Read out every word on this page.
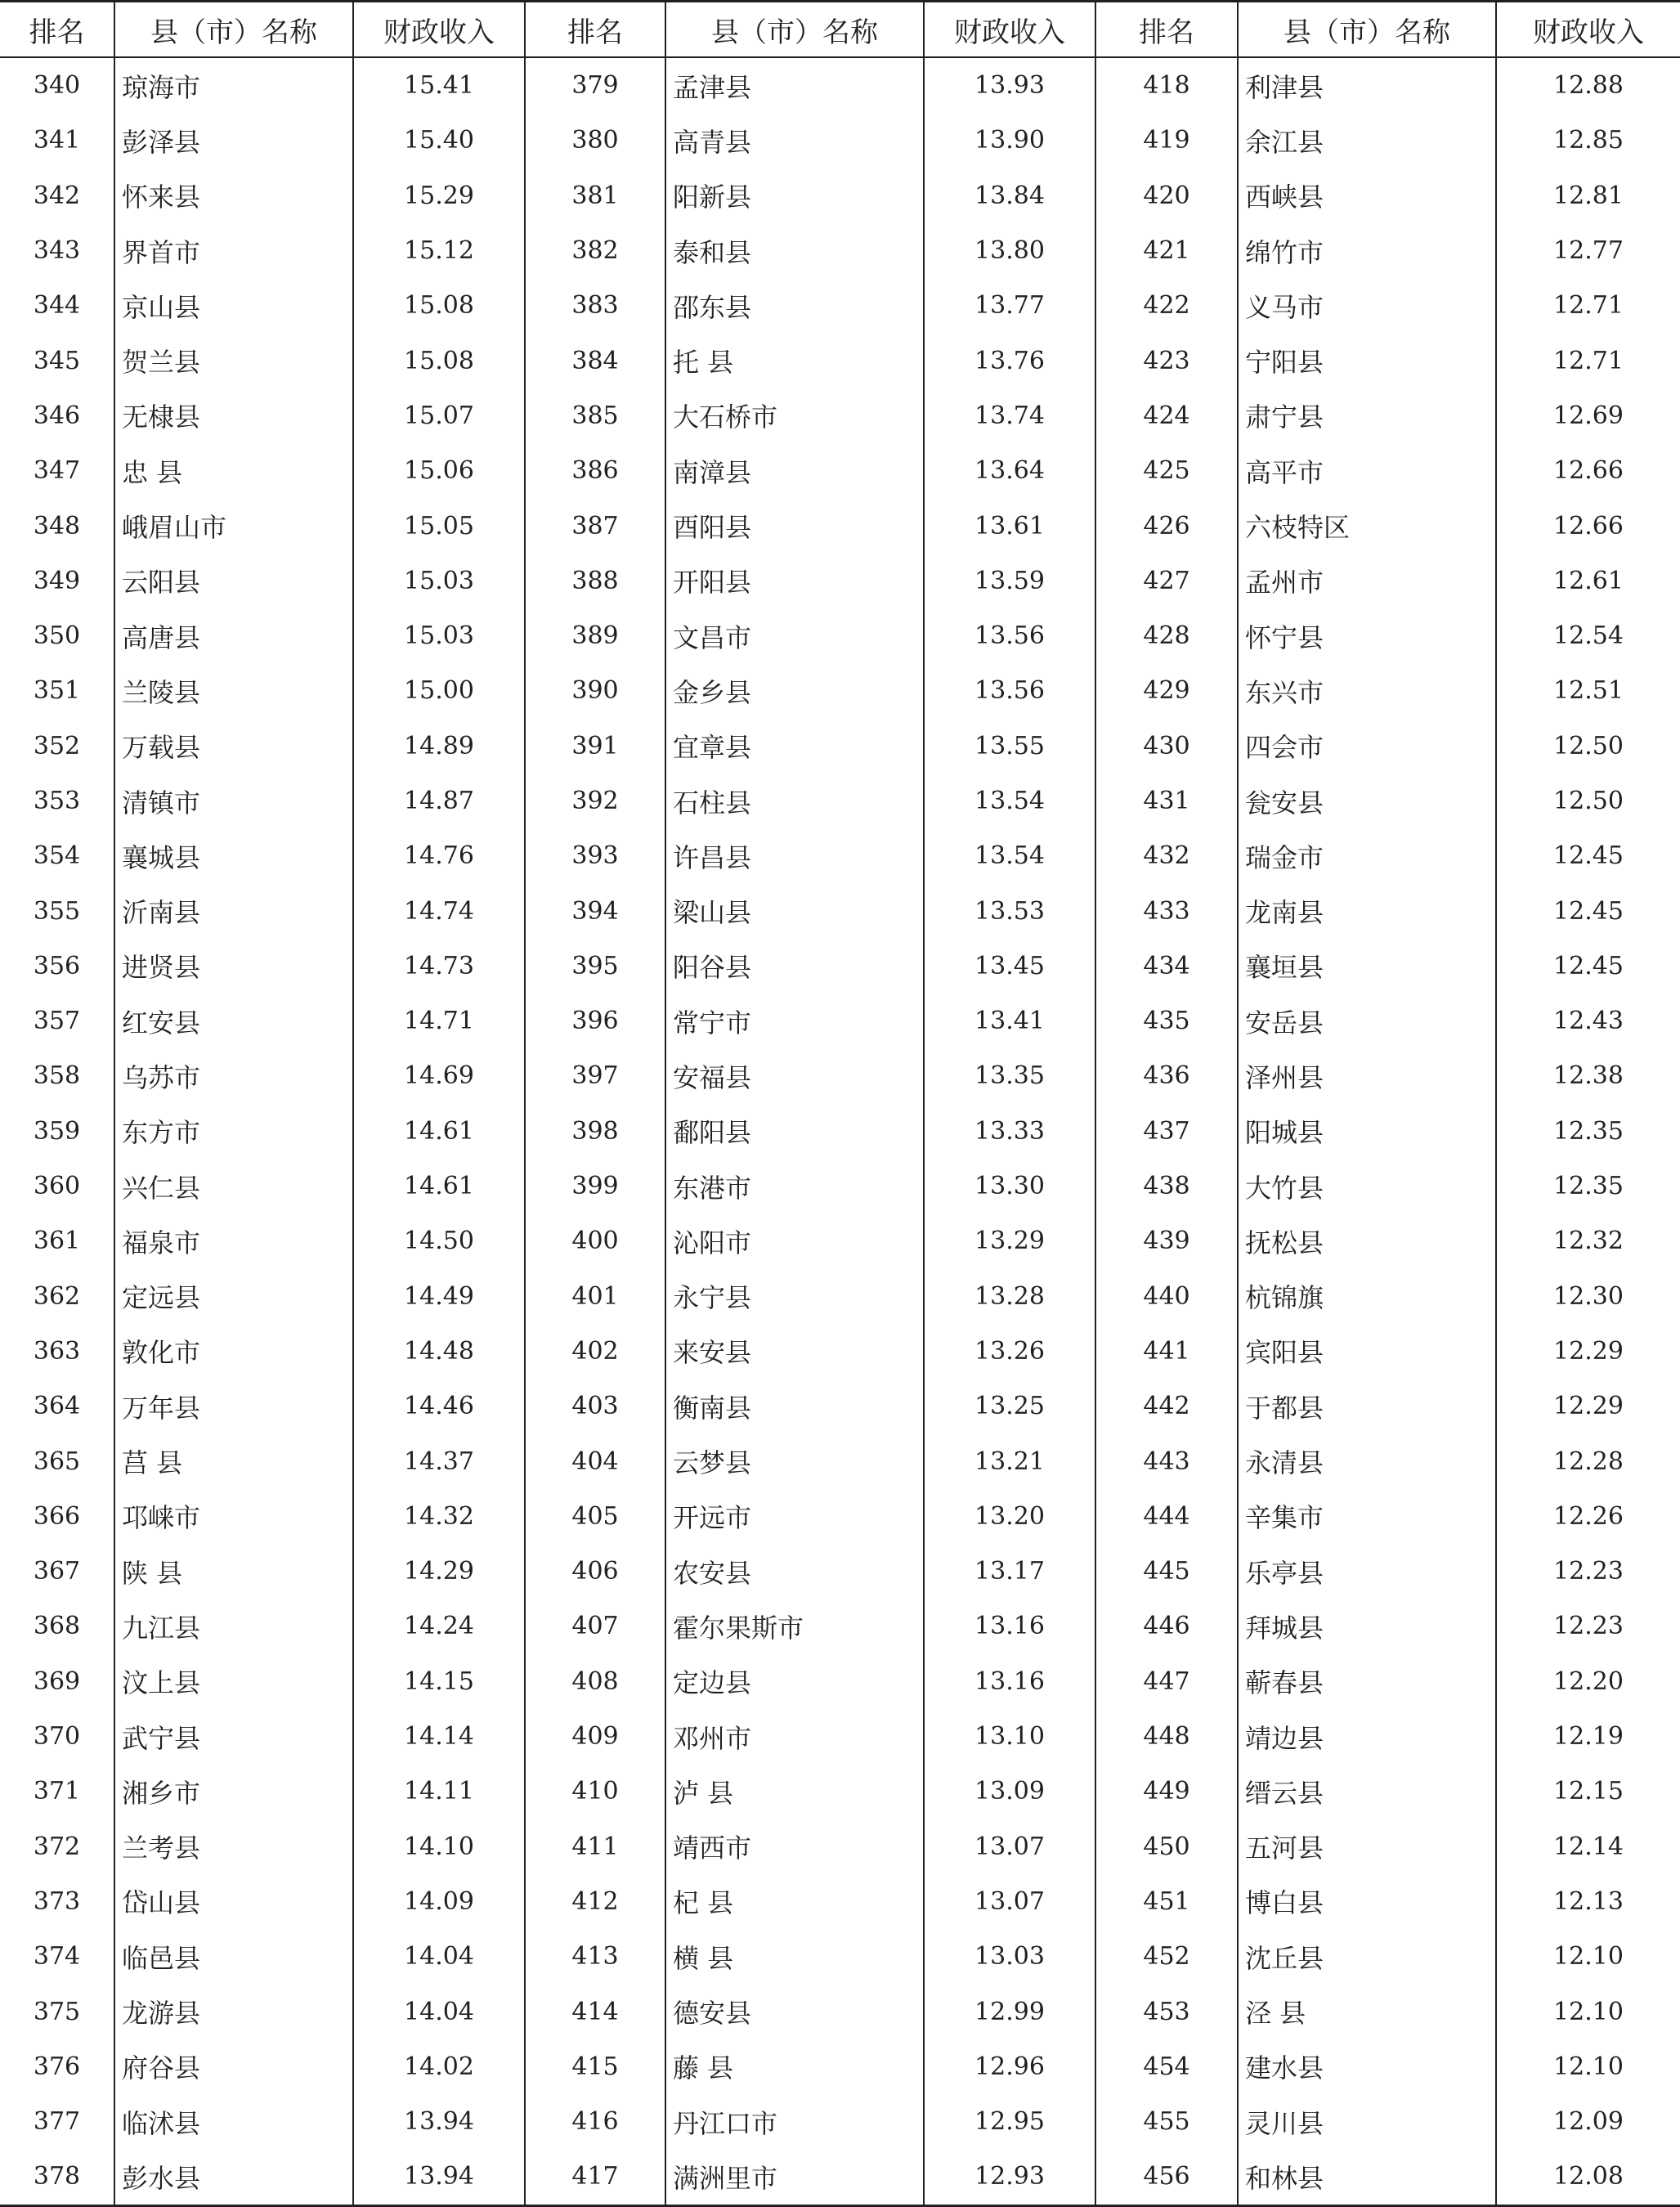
排名	县（市）名称	财政收入	排名	县（市）名称	财政收入	排名	县（市）名称	财政收入
340	琼海市	15.41	379	孟津县	13.93	418	利津县	12.88
341	彭泽县	15.40	380	高青县	13.90	419	余江县	12.85
342	怀来县	15.29	381	阳新县	13.84	420	西峡县	12.81
343	界首市	15.12	382	泰和县	13.80	421	绵竹市	12.77
344	京山县	15.08	383	邵东县	13.77	422	义马市	12.71
345	贺兰县	15.08	384	托 县	13.76	423	宁阳县	12.71
346	无棣县	15.07	385	大石桥市	13.74	424	肃宁县	12.69
347	忠 县	15.06	386	南漳县	13.64	425	高平市	12.66
348	峨眉山市	15.05	387	酉阳县	13.61	426	六枝特区	12.66
349	云阳县	15.03	388	开阳县	13.59	427	孟州市	12.61
350	高唐县	15.03	389	文昌市	13.56	428	怀宁县	12.54
351	兰陵县	15.00	390	金乡县	13.56	429	东兴市	12.51
352	万载县	14.89	391	宜章县	13.55	430	四会市	12.50
353	清镇市	14.87	392	石柱县	13.54	431	瓮安县	12.50
354	襄城县	14.76	393	许昌县	13.54	432	瑞金市	12.45
355	沂南县	14.74	394	梁山县	13.53	433	龙南县	12.45
356	进贤县	14.73	395	阳谷县	13.45	434	襄垣县	12.45
357	红安县	14.71	396	常宁市	13.41	435	安岳县	12.43
358	乌苏市	14.69	397	安福县	13.35	436	泽州县	12.38
359	东方市	14.61	398	鄱阳县	13.33	437	阳城县	12.35
360	兴仁县	14.61	399	东港市	13.30	438	大竹县	12.35
361	福泉市	14.50	400	沁阳市	13.29	439	抚松县	12.32
362	定远县	14.49	401	永宁县	13.28	440	杭锦旗	12.30
363	敦化市	14.48	402	来安县	13.26	441	宾阳县	12.29
364	万年县	14.46	403	衡南县	13.25	442	于都县	12.29
365	莒 县	14.37	404	云梦县	13.21	443	永清县	12.28
366	邛崃市	14.32	405	开远市	13.20	444	辛集市	12.26
367	陕 县	14.29	406	农安县	13.17	445	乐亭县	12.23
368	九江县	14.24	407	霍尔果斯市	13.16	446	拜城县	12.23
369	汶上县	14.15	408	定边县	13.16	447	蕲春县	12.20
370	武宁县	14.14	409	邓州市	13.10	448	靖边县	12.19
371	湘乡市	14.11	410	泸 县	13.09	449	缙云县	12.15
372	兰考县	14.10	411	靖西市	13.07	450	五河县	12.14
373	岱山县	14.09	412	杞 县	13.07	451	博白县	12.13
374	临邑县	14.04	413	横 县	13.03	452	沈丘县	12.10
375	龙游县	14.04	414	德安县	12.99	453	泾 县	12.10
376	府谷县	14.02	415	藤 县	12.96	454	建水县	12.10
377	临沭县	13.94	416	丹江口市	12.95	455	灵川县	12.09
378	彭水县	13.94	417	满洲里市	12.93	456	和林县	12.08
